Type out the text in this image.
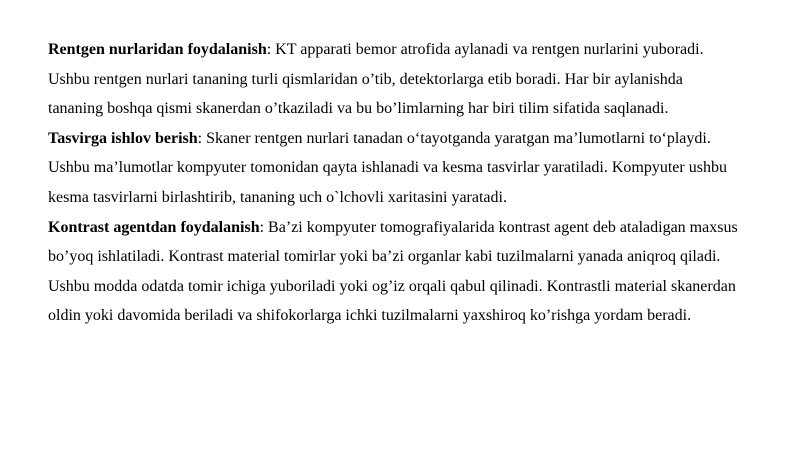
Rentgen nurlaridan foydalanish: KT apparati bemor atrofida aylanadi va rentgen nurlarini yuboradi. Ushbu rentgen nurlari tananing turli qismlaridan o’tib, detektorlarga etib boradi. Har bir aylanishda tananing boshqa qismi skanerdan o’tkaziladi va bu bo’limlarning har biri tilim sifatida saqlanadi.

Tasvirga ishlov berish: Skaner rentgen nurlari tanadan o‘tayotganda yaratgan ma’lumotlarni to‘playdi. Ushbu ma’lumotlar kompyuter tomonidan qayta ishlanadi va kesma tasvirlar yaratiladi. Kompyuter ushbu kesma tasvirlarni birlashtirib, tananing uch o`lchovli xaritasini yaratadi.

Kontrast agentdan foydalanish: Ba’zi kompyuter tomografiyalarida kontrast agent deb ataladigan maxsus bo’yoq ishlatiladi. Kontrast material tomirlar yoki ba’zi organlar kabi tuzilmalarni yanada aniqroq qiladi. Ushbu modda odatda tomir ichiga yuboriladi yoki og’iz orqali qabul qilinadi. Kontrastli material skanerdan oldin yoki davomida beriladi va shifokorlarga ichki tuzilmalarni yaxshiroq ko’rishga yordam beradi.
